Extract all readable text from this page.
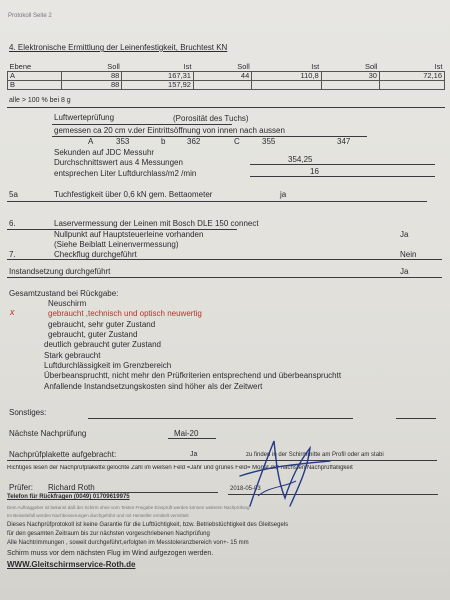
Protokoll Seite 2
4. Elektronische Ermittlung der Leinenfestigkeit, Bruchtest KN
Ebene	Soll	Ist	Soll	Ist	Soll	Ist
A	88	167,31	44	110,8	30	72,16
B	88	157,92				
alle > 100 % bei 8 g
Luftwerteprüfung	(Porosität des Tuchs)
gemessen ca 20 cm v.der Eintrittsöffnung von innen nach aussen
A	353	b	362	C	355	347
Sekunden auf JDC Messuhr
Durchschnittswert aus 4 Messungen	354,25
entsprechen Liter Luftdurchlass/m2 /min	16
5a	Tuchfestigkeit über 0,6 kN gem. Bettaometer	ja
6.	Laservermessung der Leinen mit Bosch DLE 150 connect
Nullpunkt auf Hauptsteuerleine vorhanden	Ja
(Siehe Beiblatt Leinenvermessung)
7.	Checkflug durchgeführt	Nein
Instandsetzung durchgeführt	Ja
Gesamtzustand bei Rückgabe:
Neuschirm
x	gebraucht ,technisch und optisch neuwertig
gebraucht, sehr guter Zustand
gebraucht, guter Zustand
deutlich gebraucht guter Zustand
Stark gebraucht
Luftdurchlässigkeit im Grenzbereich
Überbeanspruchtt, nicht mehr den Prüfkriterien entsprechend und überbeanspruchtt
Anfallende Instandsetzungskosten sind höher als der Zeitwert
Sonstiges:
Nächste Nachprüfung	Mai-20
Nachprüfplakette aufgebracht:	Ja	zu finden in der Schirmmitte am Profil oder am stabi
Richtiges lesen der Nachprüfplakette:gelochte Zahl im weißen Feld =Jahr und grünes Feld= Monat der nächsten Nachprüffälligkeit
Prüfer: Richard Roth	2018-05-03
Telefon für Rückfragen (0049) 01709619975
Dem Auftraggeber ist bekannt daß der Schirm ohne vorn Testen Freigabe Einsprüft werden können weiteren Nachprüfung
Im Beiseitefall werden Nachbesserungen durchgeführt und mit Hersteller ermittelt vermittelt
Dieses Nachprüfprotokoll ist keine Garantie für die Lufttüchtigkeit, bzw. Betriebstüchtigkeit des Gleitsegels
für den gesamten Zeitraum bis zur nächsten vorgeschriebenen Nachprüfung
Alle Nachtrimmungen , soweit durchgeführt,erfolgten im Messtoleranzbereich von+- 15 mm
Schirm muss vor dem nächsten Flug im Wind aufgezogen werden.
WWW.Gleitschirmservice-Roth.de
